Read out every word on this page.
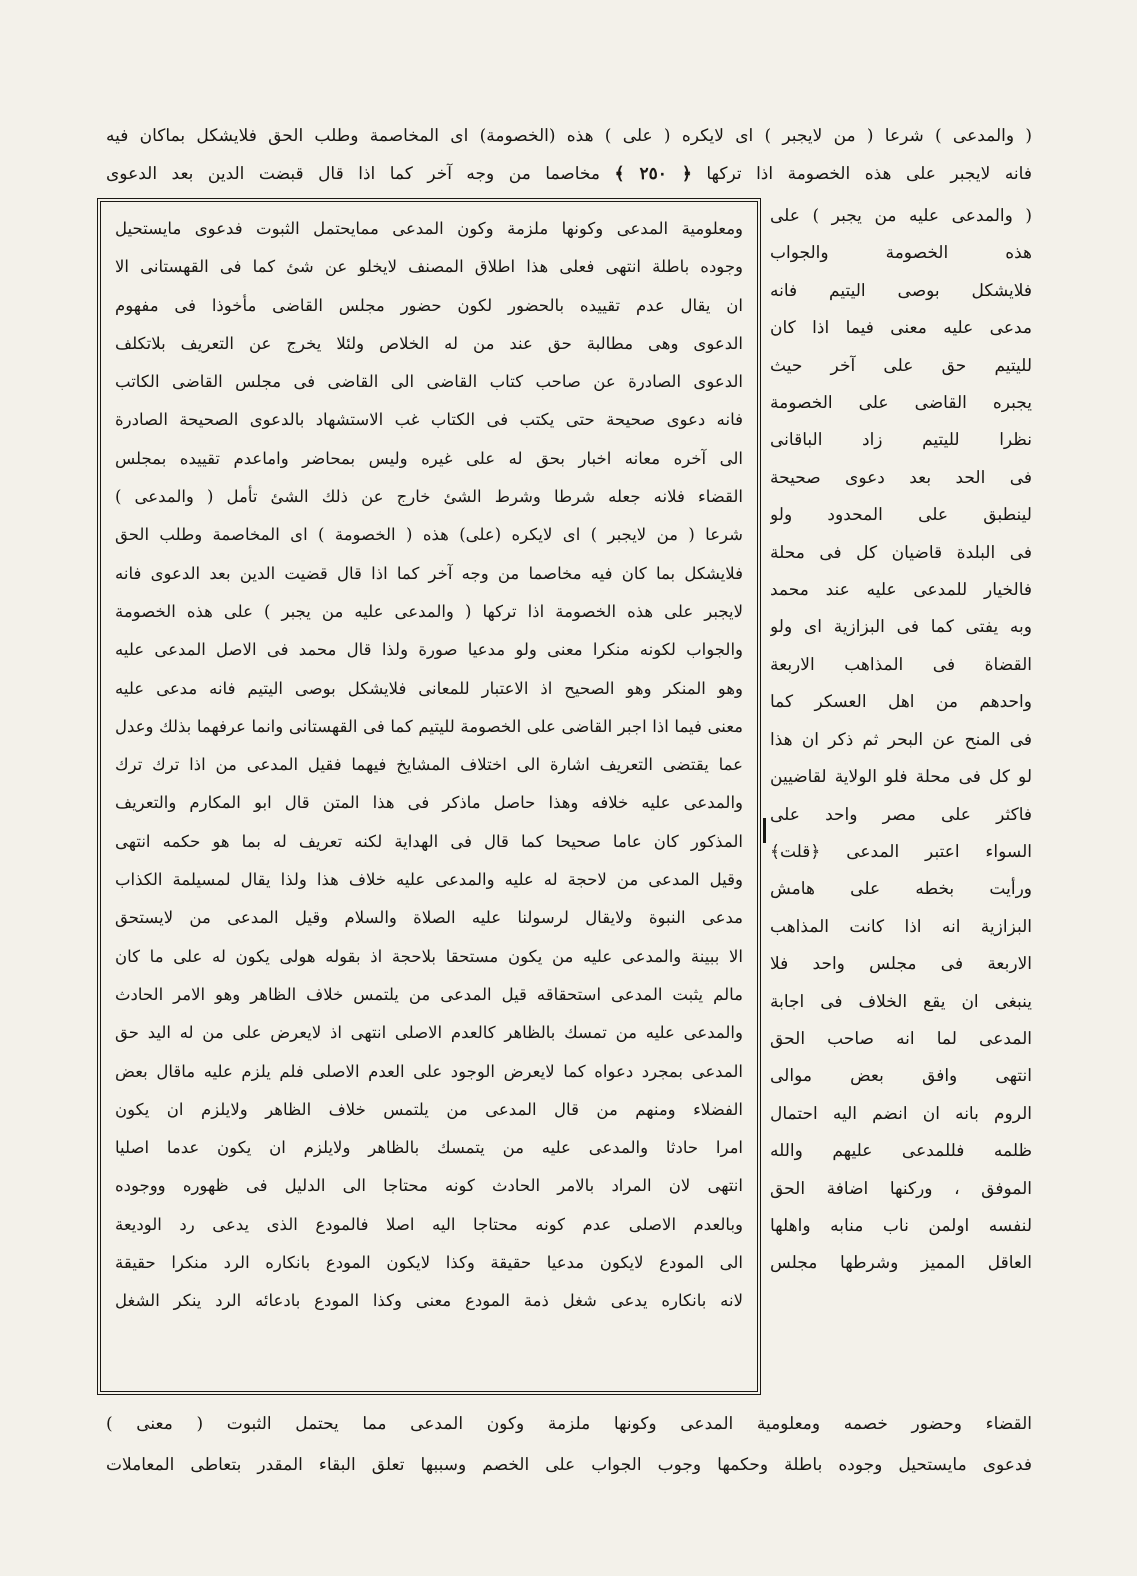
( والمدعى ) شرعا ( من لايجبر ) اى لايكره ( على ) هذه (الخصومة) اى المخاصمة وطلب الحق فلايشكل بماكان فيه
فانه لايجبر على هذه الخصومة اذا تركها ﴿ ٢٥٠ ﴾ مخاصما من وجه آخر كما اذا قال قبضت الدين بعد الدعوى
ومعلومية المدعى وكونها ملزمة وكون المدعى ممايحتمل الثبوت فدعوى مايستحيل
وجوده باطلة انتهى فعلى هذا اطلاق المصنف لايخلو عن شئ كما فى القهستانى الا
ان يقال عدم تقييده بالحضور لكون حضور مجلس القاضى مأخوذا فى مفهوم
الدعوى وهى مطالبة حق عند من له الخلاص ولئلا يخرج عن التعريف بلاتكلف
الدعوى الصادرة عن صاحب كتاب القاضى الى القاضى فى مجلس القاضى الكاتب
فانه دعوى صحيحة حتى يكتب فى الكتاب غب الاستشهاد بالدعوى الصحيحة الصادرة
الى آخره معانه اخبار بحق له على غيره وليس بمحاضر واماعدم تقييده بمجلس
القضاء فلانه جعله شرطا وشرط الشئ خارج عن ذلك الشئ تأمل ( والمدعى )
شرعا ( من لايجبر ) اى لايكره (على) هذه ( الخصومة ) اى المخاصمة وطلب الحق
فلايشكل بما كان فيه مخاصما من وجه آخر كما اذا قال قضيت الدين بعد الدعوى فانه
لايجبر على هذه الخصومة اذا تركها ( والمدعى عليه من يجبر ) على هذه الخصومة
والجواب لكونه منكرا معنى ولو مدعيا صورة ولذا قال محمد فى الاصل المدعى عليه
وهو المنكر وهو الصحيح اذ الاعتبار للمعانى فلايشكل بوصى اليتيم فانه مدعى عليه
معنى فيما اذا اجبر القاضى على الخصومة لليتيم كما فى القهستانى وانما عرفهما بذلك وعدل
عما يقتضى التعريف اشارة الى اختلاف المشايخ فيهما فقيل المدعى من اذا ترك ترك
والمدعى عليه خلافه وهذا حاصل ماذكر فى هذا المتن قال ابو المكارم والتعريف
المذكور كان عاما صحيحا كما قال فى الهداية لكنه تعريف له بما هو حكمه انتهى
وقيل المدعى من لاحجة له عليه والمدعى عليه خلاف هذا ولذا يقال لمسيلمة الكذاب
مدعى النبوة ولايقال لرسولنا عليه الصلاة والسلام وقيل المدعى من لايستحق
الا ببينة والمدعى عليه من يكون مستحقا بلاحجة اذ بقوله هولى يكون له على ما كان
مالم يثبت المدعى استحقاقه قيل المدعى من يلتمس خلاف الظاهر وهو الامر الحادث
والمدعى عليه من تمسك بالظاهر كالعدم الاصلى انتهى اذ لايعرض على من له اليد حق
المدعى بمجرد دعواه كما لايعرض الوجود على العدم الاصلى فلم يلزم عليه ماقال بعض
الفضلاء ومنهم من قال المدعى من يلتمس خلاف الظاهر ولايلزم ان يكون
امرا حادثا والمدعى عليه من يتمسك بالظاهر ولايلزم ان يكون عدما اصليا
انتهى لان المراد بالامر الحادث كونه محتاجا الى الدليل فى ظهوره ووجوده
وبالعدم الاصلى عدم كونه محتاجا اليه اصلا فالمودع الذى يدعى رد الوديعة
الى المودع لايكون مدعيا حقيقة وكذا لايكون المودع بانكاره الرد منكرا حقيقة
لانه بانكاره يدعى شغل ذمة المودع معنى وكذا المودع بادعائه الرد ينكر الشغل
( والمدعى عليه من يجبر ) على
هذه الخصومة والجواب
فلايشكل بوصى اليتيم فانه
مدعى عليه معنى فيما اذا كان
لليتيم حق على آخر حيث
يجبره القاضى على الخصومة
نظرا لليتيم زاد الباقانى
فى الحد بعد دعوى صحيحة
لينطبق على المحدود ولو
فى البلدة قاضيان كل فى محلة
فالخيار للمدعى عليه عند محمد
وبه يفتى كما فى البزازية اى ولو
القضاة فى المذاهب الاربعة
واحدهم من اهل العسكر كما
فى المنح عن البحر ثم ذكر ان هذا
لو كل فى محلة فلو الولاية لقاضيين
فاكثر على مصر واحد على
السواء اعتبر المدعى ﴿قلت﴾
ورأيت بخطه على هامش
البزازية انه اذا كانت المذاهب
الاربعة فى مجلس واحد فلا
ينبغى ان يقع الخلاف فى اجابة
المدعى لما انه صاحب الحق
انتهى وافق بعض موالى
الروم بانه ان انضم اليه احتمال
ظلمه فللمدعى عليهم والله
الموفق ، وركنها اضافة الحق
لنفسه اولمن ناب منابه واهلها
العاقل المميز وشرطها مجلس
القضاء وحضور خصمه ومعلومية المدعى وكونها ملزمة وكون المدعى مما يحتمل الثبوت ( معنى )
فدعوى مايستحيل وجوده باطلة وحكمها وجوب الجواب على الخصم وسببها تعلق البقاء المقدر بتعاطى المعاملات
